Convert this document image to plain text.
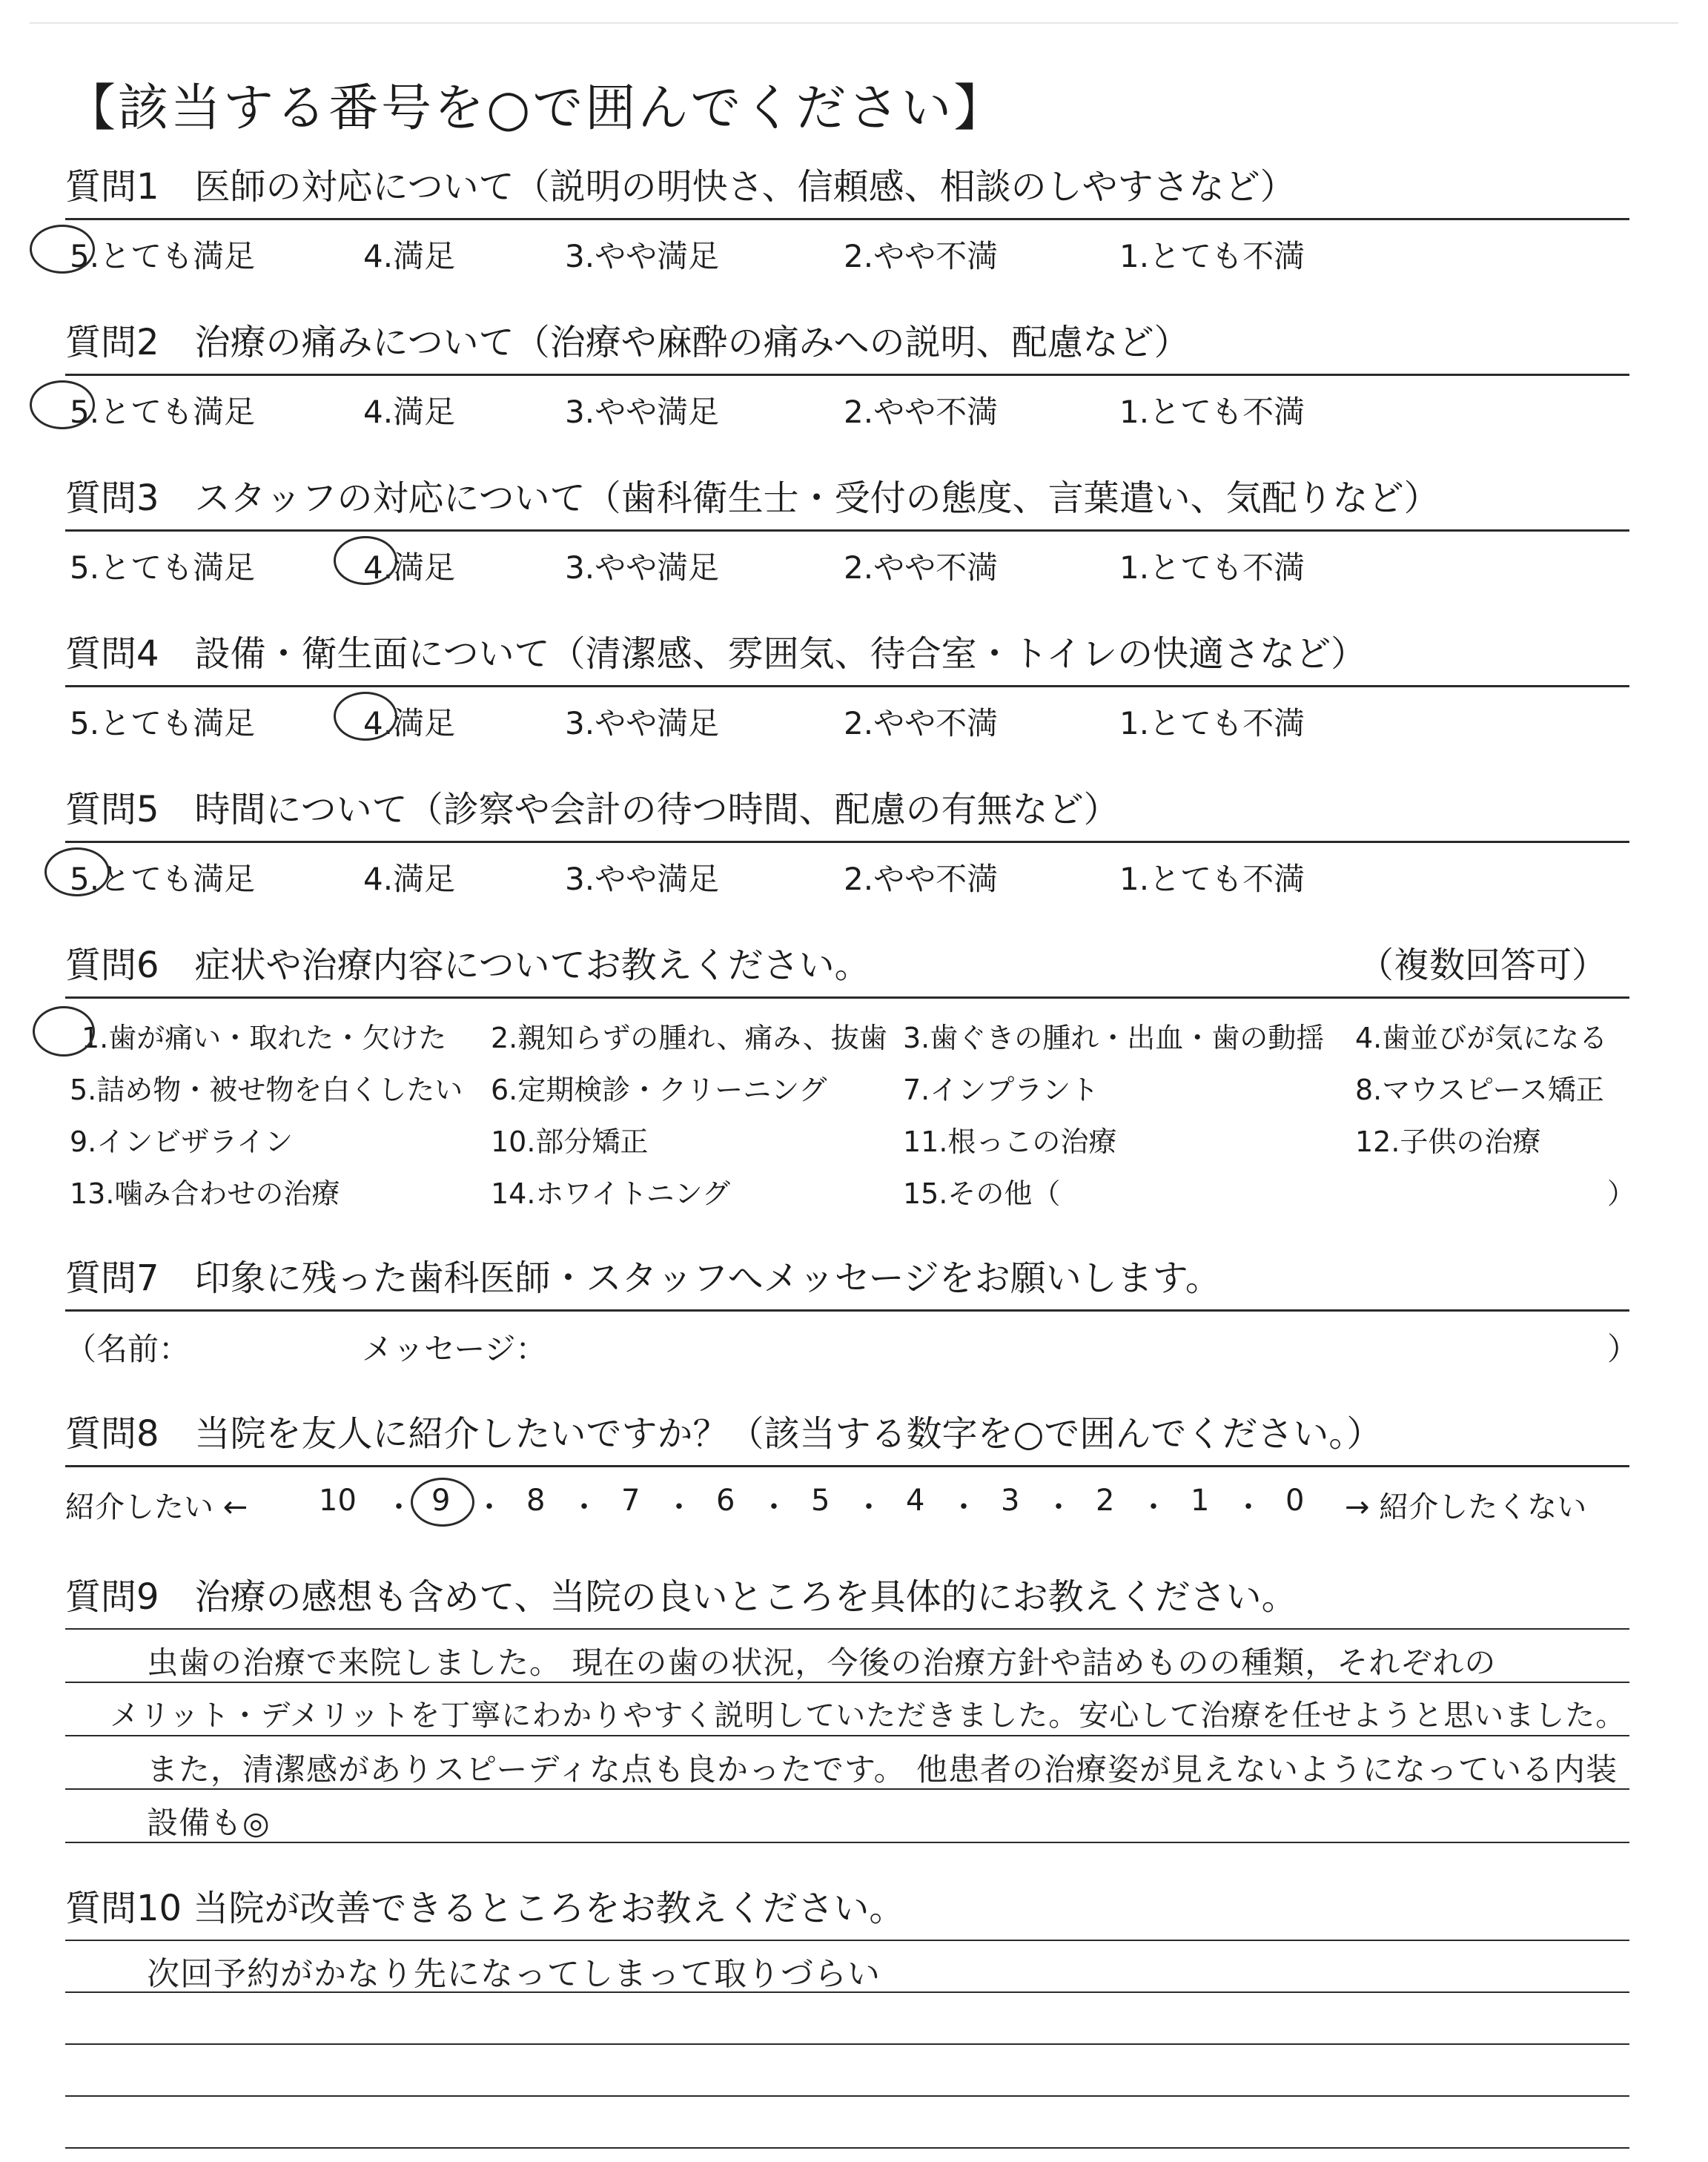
【該当する番号を○で囲んでください】
質問1　医師の対応について（説明の明快さ、信頼感、相談のしやすさなど）
5.とても満足	4.満足	3.やや満足	2.やや不満	1.とても不満
質問2　治療の痛みについて（治療や麻酔の痛みへの説明、配慮など）
5.とても満足	4.満足	3.やや満足	2.やや不満	1.とても不満
質問3　スタッフの対応について（歯科衛生士・受付の態度、言葉遣い、気配りなど）
5.とても満足	4.満足	3.やや満足	2.やや不満	1.とても不満
質問4　設備・衛生面について（清潔感、雰囲気、待合室・トイレの快適さなど）
5.とても満足	4.満足	3.やや満足	2.やや不満	1.とても不満
質問5　時間について（診察や会計の待つ時間、配慮の有無など）
5.とても満足	4.満足	3.やや満足	2.やや不満	1.とても不満
質問6　症状や治療内容についてお教えください。	（複数回答可）
1.歯が痛い・取れた・欠けた 2.親知らずの腫れ、痛み、抜歯 3.歯ぐきの腫れ・出血・歯の動揺 4.歯並びが気になる
5.詰め物・被せ物を白くしたい 6.定期検診・クリーニング	7.インプラント	8.マウスピース矯正
9.インビザライン	10.部分矯正	11.根っこの治療	12.子供の治療
13.噛み合わせの治療	14.ホワイトニング	15.その他（	）
質問7　印象に残った歯科医師・スタッフへメッセージをお願いします。
（名前：	メッセージ：	）
質問8　当院を友人に紹介したいですか？（該当する数字を○で囲んでください。）
紹介したい ← 10 ・ 9 ・ 8 ・ 7 ・ 6 ・ 5 ・ 4 ・ 3 ・ 2 ・ 1 ・ 0 → 紹介したくない
質問9　治療の感想も含めて、当院の良いところを具体的にお教えください。
虫歯の治療で来院しました。 現在の歯の状況，今後の治療方針や詰めものの種類，それぞれの
メリット・デメリットを丁寧にわかりやすく説明していただきました。安心して治療を任せようと思いました。
また，清潔感がありスピーディな点も良かったです。 他患者の治療姿が見えないようになっている内装
設備も◎
質問10 当院が改善できるところをお教えください。
次回予約がかなり先になってしまって取りづらい
